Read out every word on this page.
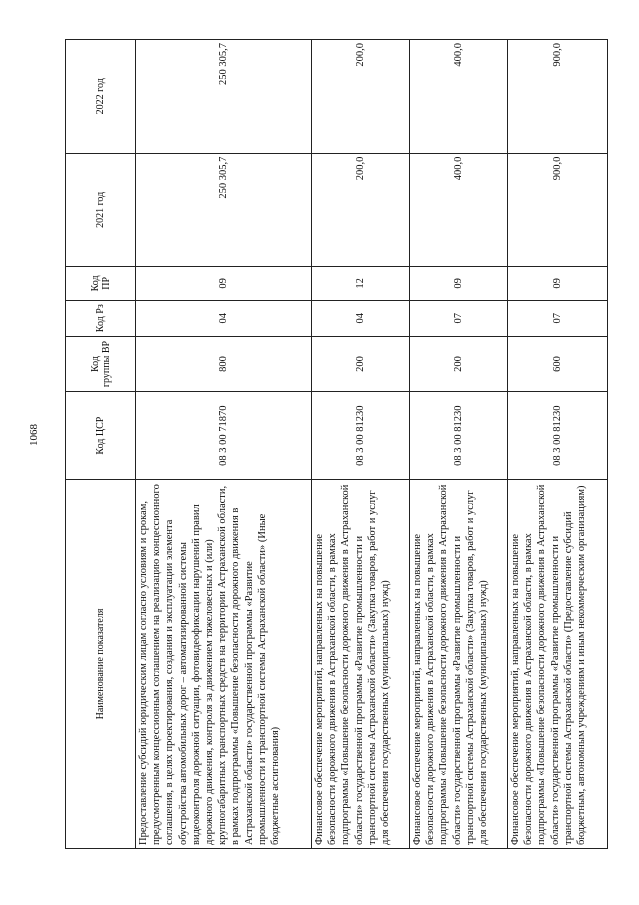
1068
Наименование показателя	Код ЦСР	Код группы ВР	Код Рз	Код ПР	2021 год	2022 год
Предоставление субсидий юридическим лицам согласно условиям и срокам, предусмотренным концессионным соглашением на реализацию концессионного соглашения, в целях проектирования, создания и эксплуатации элемента обустройства автомобильных дорог – автоматизированной системы видеоконтроля дорожной ситуации, фотовидеофиксации нарушений правил дорожного движения, контроля за движением тяжеловесных и (или) крупногабаритных транспортных средств на территории Астраханской области, в рамках подпрограммы «Повышение безопасности дорожного движения в Астраханской области» государственной программы «Развитие промышленности и транспортной системы Астраханской области» (Иные бюджетные ассигнования)	08 3 00 71870	800	04	09	250 305,7	250 305,7
Финансовое обеспечение мероприятий, направленных на повышение безопасности дорожного движения в Астраханской области, в рамках подпрограммы «Повышение безопасности дорожного движения в Астраханской области» государственной программы «Развитие промышленности и транспортной системы Астраханской области» (Закупка товаров, работ и услуг для обеспечения государственных (муниципальных) нужд)	08 3 00 81230	200	04	12	200,0	200,0
Финансовое обеспечение мероприятий, направленных на повышение безопасности дорожного движения в Астраханской области, в рамках подпрограммы «Повышение безопасности дорожного движения в Астраханской области» государственной программы «Развитие промышленности и транспортной системы Астраханской области» (Закупка товаров, работ и услуг для обеспечения государственных (муниципальных) нужд)	08 3 00 81230	200	07	09	400,0	400,0
Финансовое обеспечение мероприятий, направленных на повышение безопасности дорожного движения в Астраханской области, в рамках подпрограммы «Повышение безопасности дорожного движения в Астраханской области» государственной программы «Развитие промышленности и транспортной системы Астраханской области» (Предоставление субсидий бюджетным, автономным учреждениям и иным некоммерческим организациям)	08 3 00 81230	600	07	09	900,0	900,0
